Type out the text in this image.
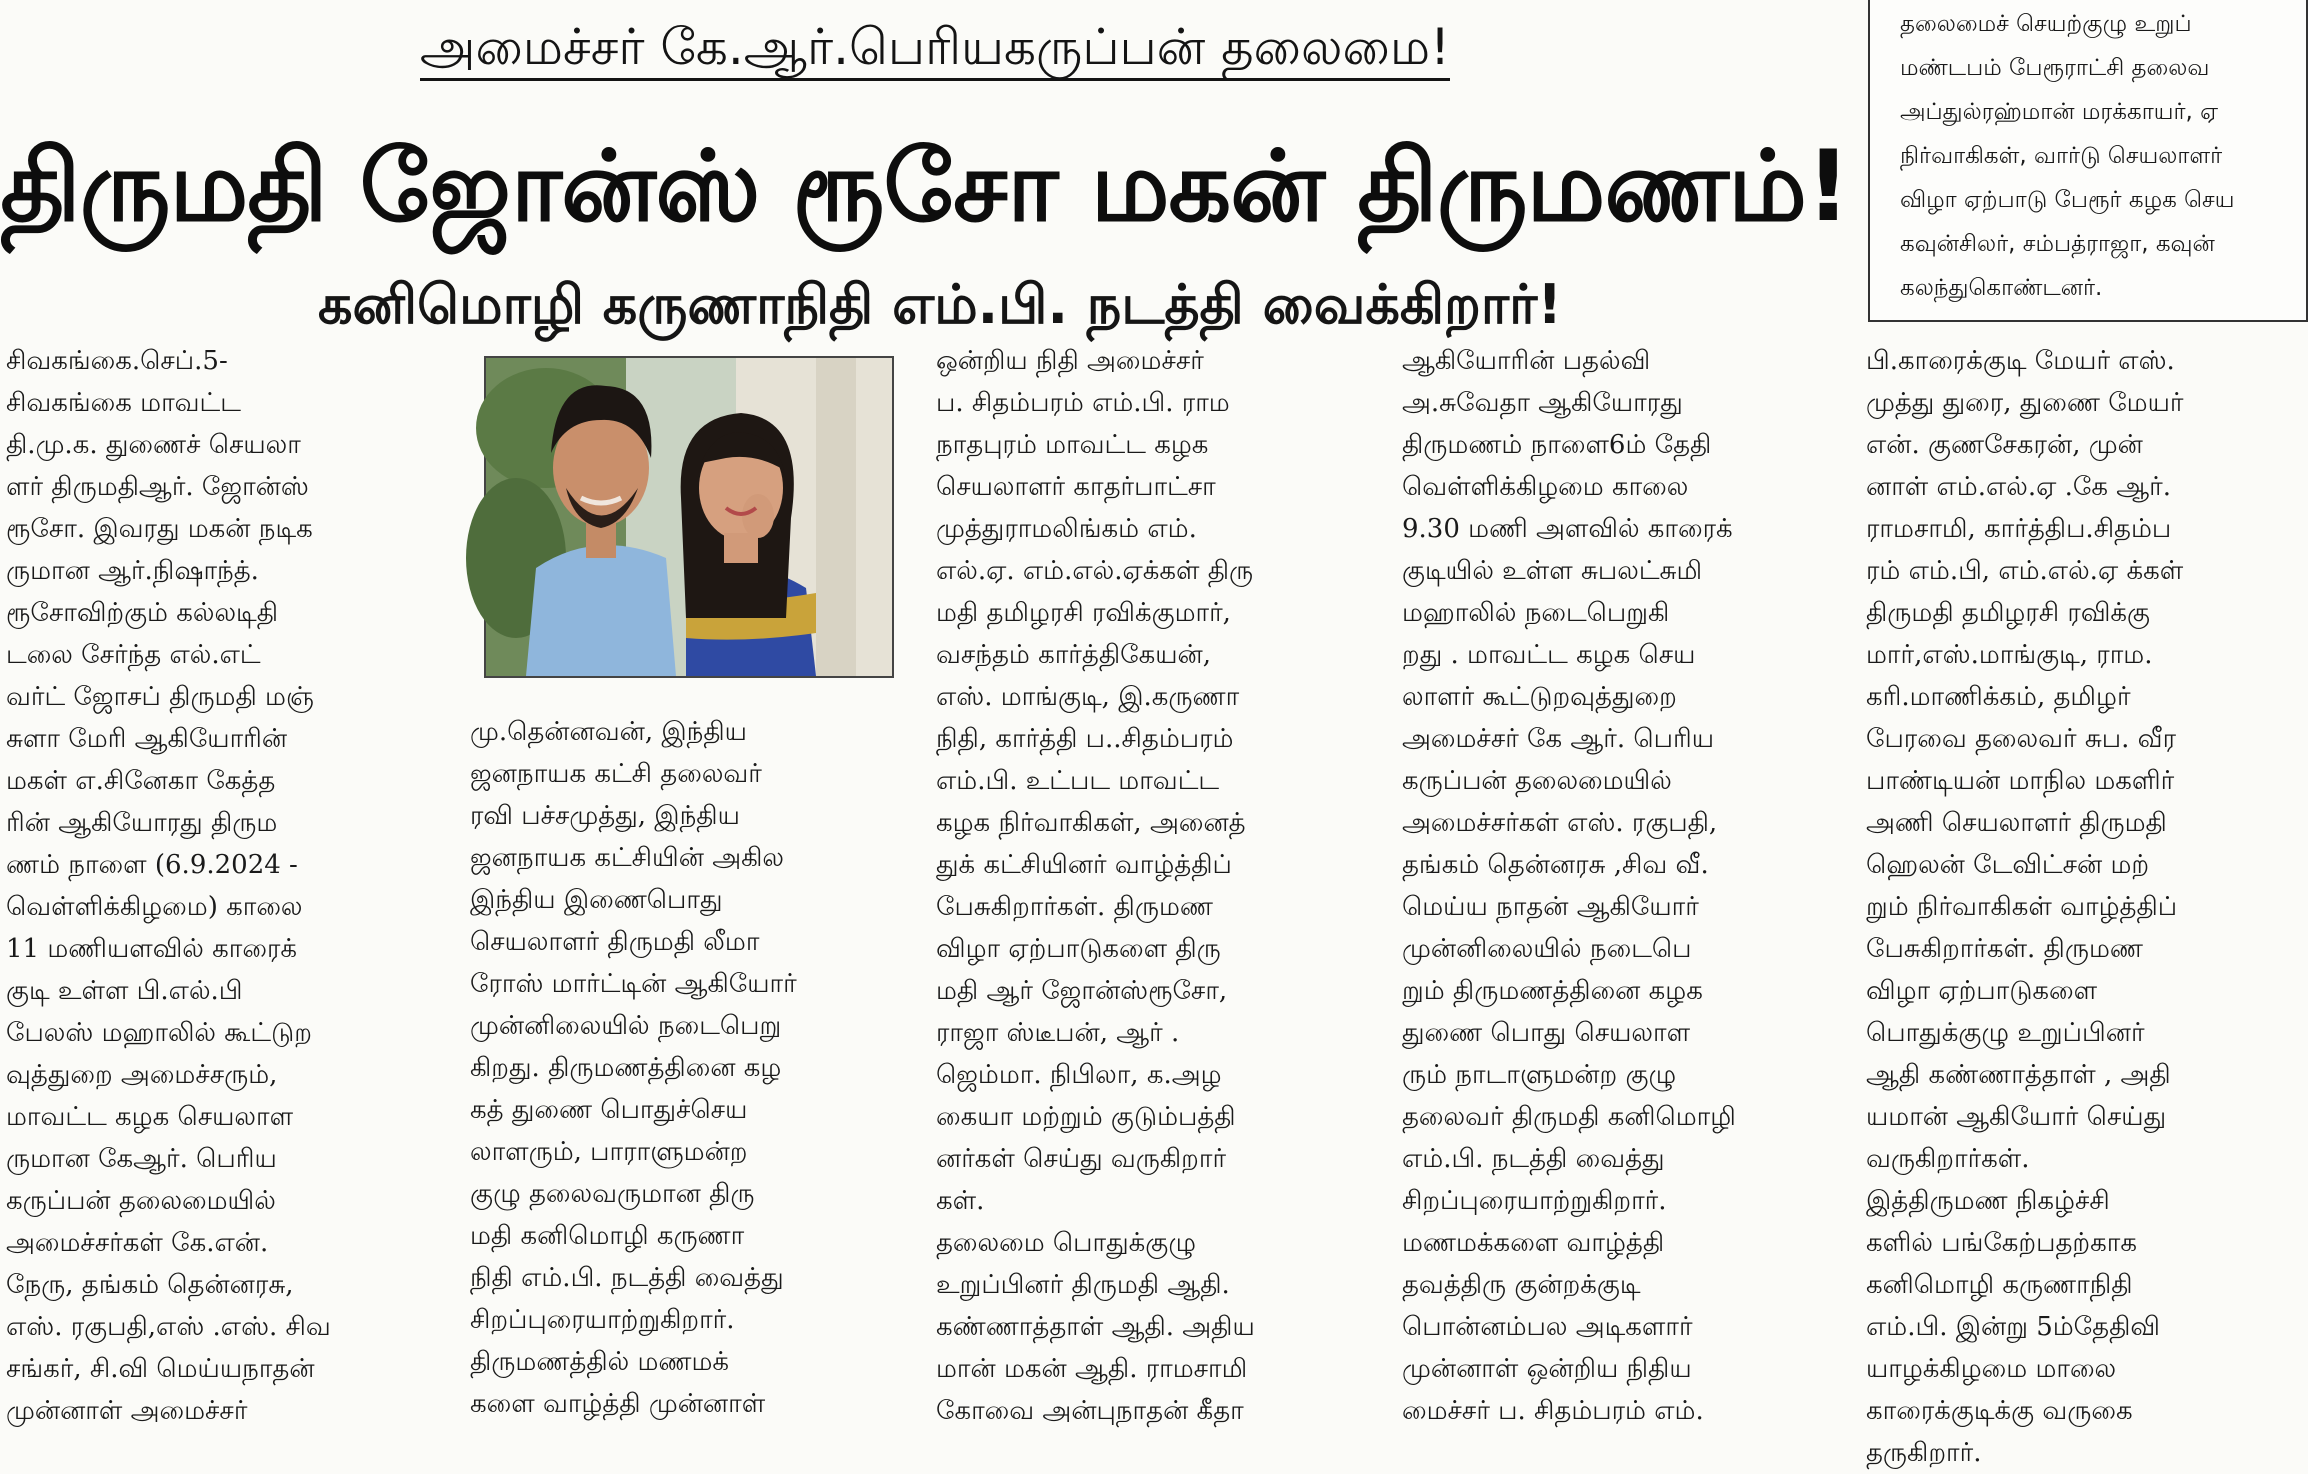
அமைச்சர் கே.ஆர்.பெரியகருப்பன் தலைமை!
திருமதி ஜோன்ஸ் ரூசோ மகன் திருமணம்!
கனிமொழி கருணாநிதி எம்.பி. நடத்தி வைக்கிறார்!
தலைமைச் செயற்குழு உறுப்
மண்டபம் பேரூராட்சி தலைவ
அப்துல்ரஹ்மான் மரக்காயர், ஏ
நிர்வாகிகள், வார்டு செயலாளர்
விழா ஏற்பாடு பேரூர் கழக செய
கவுன்சிலர், சம்பத்ராஜா, கவுன்
கலந்துகொண்டனர்.
சிவகங்கை.செப்.5-
சிவகங்கை மாவட்ட
தி.மு.க. துணைச் செயலா
ளர் திருமதிஆர். ஜோன்ஸ்
ரூசோ. இவரது மகன் நடிக
ருமான ஆர்.நிஷாந்த்.
ரூசோவிற்கும் கல்லடிதி
டலை சேர்ந்த எல்.எட்
வர்ட் ஜோசப் திருமதி மஞ்
சுளா மேரி ஆகியோரின்
மகள் எ.சினேகா கேத்த
ரின் ஆகியோரது திரும
ணம் நாளை (6.9.2024 -
வெள்ளிக்கிழமை) காலை
11 மணியளவில் காரைக்
குடி உள்ள பி.எல்.பி
பேலஸ் மஹாலில் கூட்டுற
வுத்துறை அமைச்சரும்,
மாவட்ட கழக செயலாள
ருமான கேஆர். பெரிய
கருப்பன் தலைமையில்
அமைச்சர்கள் கே.என்.
நேரு, தங்கம் தென்னரசு,
எஸ். ரகுபதி,எஸ் .எஸ். சிவ
சங்கர், சி.வி மெய்யநாதன்
முன்னாள் அமைச்சர்
மு.தென்னவன், இந்திய
ஜனநாயக கட்சி தலைவர்
ரவி பச்சமுத்து, இந்திய
ஜனநாயக கட்சியின் அகில
இந்திய இணைபொது
செயலாளர் திருமதி லீமா
ரோஸ் மார்ட்டின் ஆகியோர்
முன்னிலையில் நடைபெறு
கிறது. திருமணத்தினை கழ
கத் துணை பொதுச்செய
லாளரும், பாராளுமன்ற
குழு தலைவருமான திரு
மதி கனிமொழி கருணா
நிதி எம்.பி. நடத்தி வைத்து
சிறப்புரையாற்றுகிறார்.
திருமணத்தில் மணமக்
களை வாழ்த்தி முன்னாள்
ஒன்றிய நிதி அமைச்சர்
ப. சிதம்பரம் எம்.பி. ராம
நாதபுரம் மாவட்ட கழக
செயலாளர் காதர்பாட்சா
முத்துராமலிங்கம் எம்.
எல்.ஏ. எம்.எல்.ஏக்கள் திரு
மதி தமிழரசி ரவிக்குமார்,
வசந்தம் கார்த்திகேயன்,
எஸ். மாங்குடி, இ.கருணா
நிதி, கார்த்தி ப..சிதம்பரம்
எம்.பி. உட்பட மாவட்ட
கழக நிர்வாகிகள், அனைத்
துக் கட்சியினர் வாழ்த்திப்
பேசுகிறார்கள். திருமண
விழா ஏற்பாடுகளை திரு
மதி ஆர் ஜோன்ஸ்ரூசோ,
ராஜா ஸ்டீபன், ஆர் .
ஜெம்மா. நிபிலா, க.அழ
கையா மற்றும் குடும்பத்தி
னர்கள் செய்து வருகிறார்
கள்.
தலைமை பொதுக்குழு
உறுப்பினர் திருமதி ஆதி.
கண்ணாத்தாள் ஆதி. அதிய
மான் மகன் ஆதி. ராமசாமி
கோவை அன்புநாதன் கீதா
ஆகியோரின் பதல்வி
அ.சுவேதா ஆகியோரது
திருமணம் நாளை6ம் தேதி
வெள்ளிக்கிழமை காலை
9.30 மணி அளவில் காரைக்
குடியில் உள்ள சுபலட்சுமி
மஹாலில் நடைபெறுகி
றது . மாவட்ட கழக செய
லாளர் கூட்டுறவுத்துறை
அமைச்சர் கே ஆர். பெரிய
கருப்பன் தலைமையில்
அமைச்சர்கள் எஸ். ரகுபதி,
தங்கம் தென்னரசு ,சிவ வீ.
மெய்ய நாதன் ஆகியோர்
முன்னிலையில் நடைபெ
றும் திருமணத்தினை கழக
துணை பொது செயலாள
ரும் நாடாளுமன்ற குழு
தலைவர் திருமதி கனிமொழி
எம்.பி. நடத்தி வைத்து
சிறப்புரையாற்றுகிறார்.
மணமக்களை வாழ்த்தி
தவத்திரு குன்றக்குடி
பொன்னம்பல அடிகளார்
முன்னாள் ஒன்றிய நிதிய
மைச்சர் ப. சிதம்பரம் எம்.
பி.காரைக்குடி மேயர் எஸ்.
முத்து துரை, துணை மேயர்
என். குணசேகரன், முன்
னாள் எம்.எல்.ஏ .கே ஆர்.
ராமசாமி, கார்த்திப.சிதம்ப
ரம் எம்.பி, எம்.எல்.ஏ க்கள்
திருமதி தமிழரசி ரவிக்கு
மார்,எஸ்.மாங்குடி, ராம.
கரி.மாணிக்கம், தமிழர்
பேரவை தலைவர் சுப. வீர
பாண்டியன் மாநில மகளிர்
அணி செயலாளர் திருமதி
ஹெலன் டேவிட்சன் மற்
றும் நிர்வாகிகள் வாழ்த்திப்
பேசுகிறார்கள். திருமண
விழா ஏற்பாடுகளை
பொதுக்குழு உறுப்பினர்
ஆதி கண்ணாத்தாள் , அதி
யமான் ஆகியோர் செய்து
வருகிறார்கள்.
இத்திருமண நிகழ்ச்சி
களில் பங்கேற்பதற்காக
கனிமொழி கருணாநிதி
எம்.பி. இன்று 5ம்தேதிவி
யாழக்கிழமை மாலை
காரைக்குடிக்கு வருகை
தருகிறார்.
